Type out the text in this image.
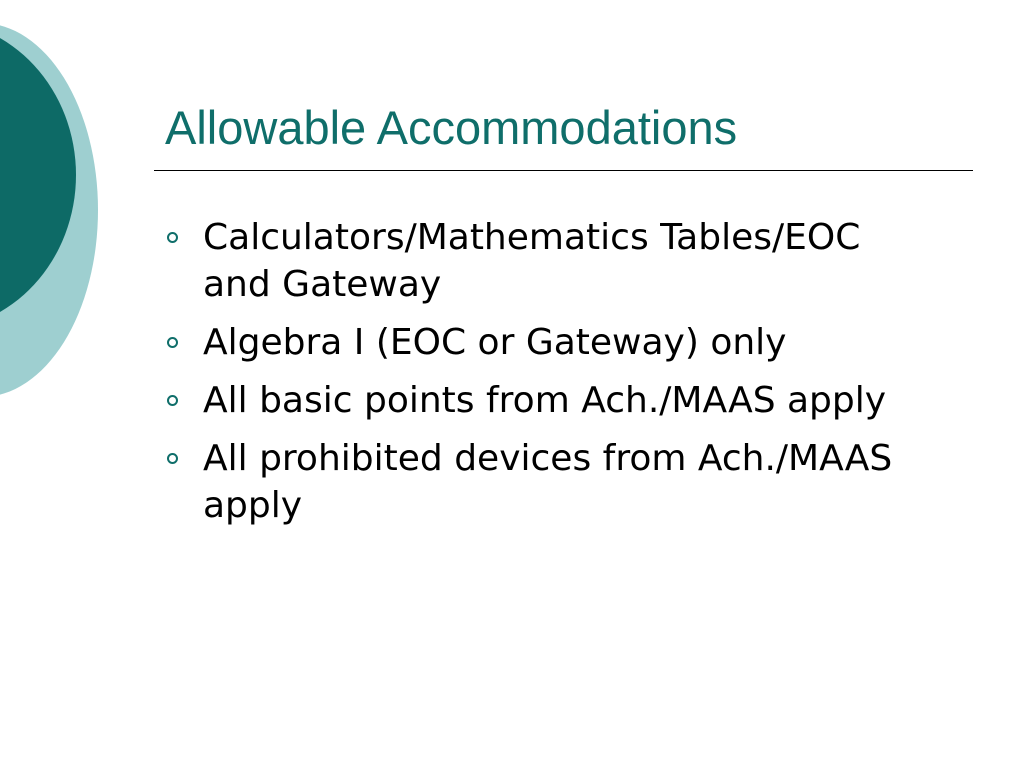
Allowable Accommodations
Calculators/Mathematics Tables/EOC and Gateway
Algebra I (EOC or Gateway) only
All basic points from Ach./MAAS apply
All prohibited devices from Ach./MAAS apply
